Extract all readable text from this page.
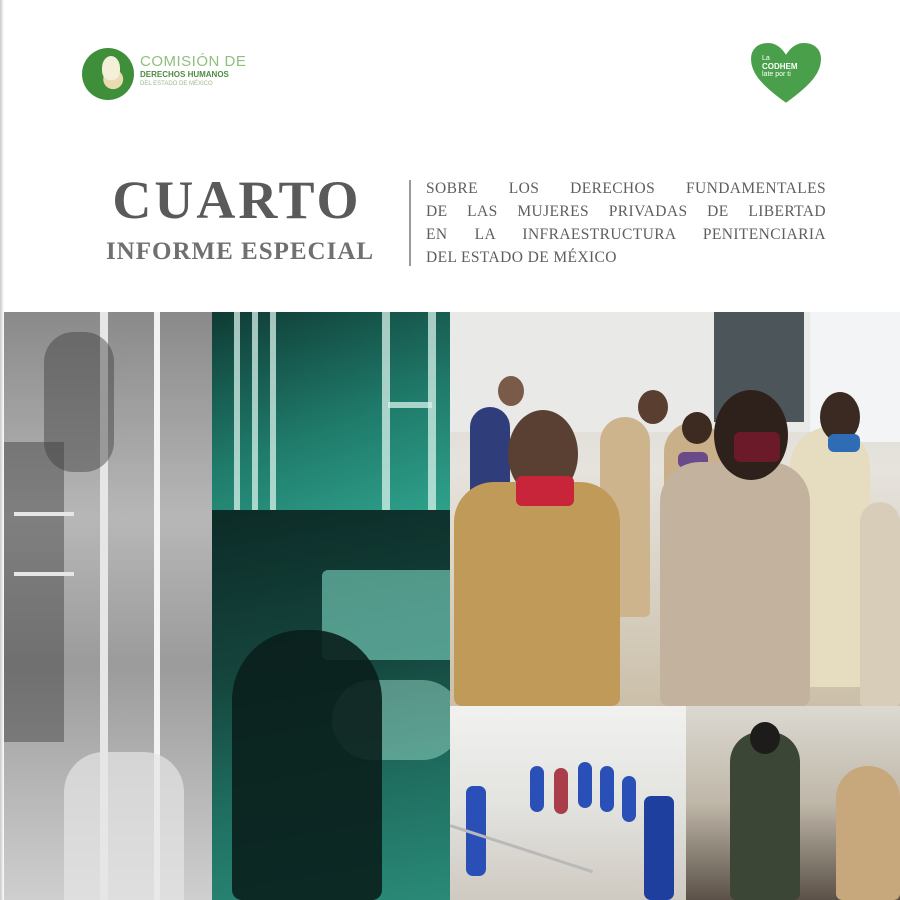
COMISIÓN DE
DERECHOS HUMANOS
DEL ESTADO DE MÉXICO
La
CODHEM
late por ti
CUARTO
INFORME ESPECIAL
SOBRE LOS DERECHOS FUNDAMENTALES
DE LAS MUJERES PRIVADAS DE LIBERTAD
EN LA INFRAESTRUCTURA PENITENCIARIA
DEL ESTADO DE MÉXICO
